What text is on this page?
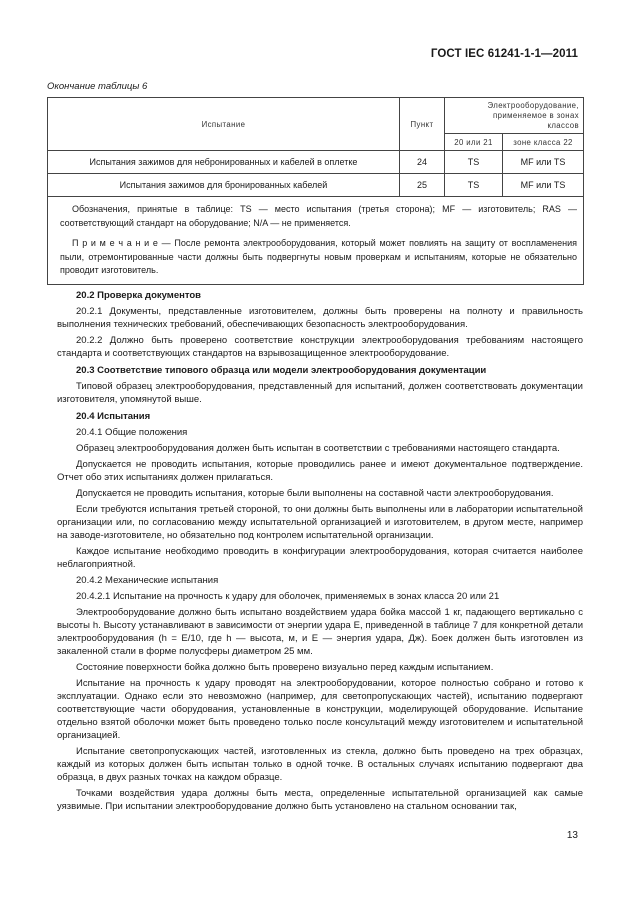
ГОСТ IEC 61241-1-1—2011
Окончание таблицы 6
Испытание	Пункт	Электрооборудование, применяемое в зонах классов	
		20 или 21	зоне класса 22
Испытания зажимов для небронированных и кабелей в оплетке	24	TS	MF или TS
Испытания зажимов для бронированных кабелей	25	TS	MF или TS

Обозначения, принятые в таблице: TS — место испытания (третья сторона); MF — изготовитель; RAS — соответствующий стандарт на оборудование; N/A — не применяется.

П р и м е ч а н и е — После ремонта электрооборудования, который может повлиять на защиту от воспламенения пыли, отремонтированные части должны быть подвергнуты новым проверкам и испытаниям, которые не обязательно проводит изготовитель.			

20.2 Проверка документов

20.2.1 Документы, представленные изготовителем, должны быть проверены на полноту и правильность выполнения технических требований, обеспечивающих безопасность электрооборудования.

20.2.2 Должно быть проверено соответствие конструкции электрооборудования требованиям настоящего стандарта и соответствующих стандартов на взрывозащищенное электрооборудование.

20.3 Соответствие типового образца или модели электрооборудования документации

Типовой образец электрооборудования, представленный для испытаний, должен соответствовать документации изготовителя, упомянутой выше.

20.4 Испытания

20.4.1 Общие положения

Образец электрооборудования должен быть испытан в соответствии с требованиями настоящего стандарта.

Допускается не проводить испытания, которые проводились ранее и имеют документальное подтверждение. Отчет обо этих испытаниях должен прилагаться.

Допускается не проводить испытания, которые были выполнены на составной части электрооборудования.

Если требуются испытания третьей стороной, то они должны быть выполнены или в лаборатории испытательной организации или, по согласованию между испытательной организацией и изготовителем, в другом месте, например на заводе-изготовителе, но обязательно под контролем испытательной организации.

Каждое испытание необходимо проводить в конфигурации электрооборудования, которая считается наиболее неблагоприятной.

20.4.2 Механические испытания

20.4.2.1 Испытание на прочность к удару для оболочек, применяемых в зонах класса 20 или 21

Электрооборудование должно быть испытано воздействием удара бойка массой 1 кг, падающего вертикально с высоты h. Высоту устанавливают в зависимости от энергии удара E, приведенной в таблице 7 для конкретной детали электрооборудования (h = E/10, где h — высота, м, и E — энергия удара, Дж). Боек должен быть изготовлен из закаленной стали в форме полусферы диаметром 25 мм.

Состояние поверхности бойка должно быть проверено визуально перед каждым испытанием.

Испытание на прочность к удару проводят на электрооборудовании, которое полностью собрано и готово к эксплуатации. Однако если это невозможно (например, для светопропускающих частей), испытанию подвергают соответствующие части оборудования, установленные в конструкции, моделирующей оборудование. Испытание отдельно взятой оболочки может быть проведено только после консультаций между изготовителем и испытательной организацией.

Испытание светопропускающих частей, изготовленных из стекла, должно быть проведено на трех образцах, каждый из которых должен быть испытан только в одной точке. В остальных случаях испытанию подвергают два образца, в двух разных точках на каждом образце.

Точками воздействия удара должны быть места, определенные испытательной организацией как самые уязвимые. При испытании электрооборудование должно быть установлено на стальном основании так,

13
